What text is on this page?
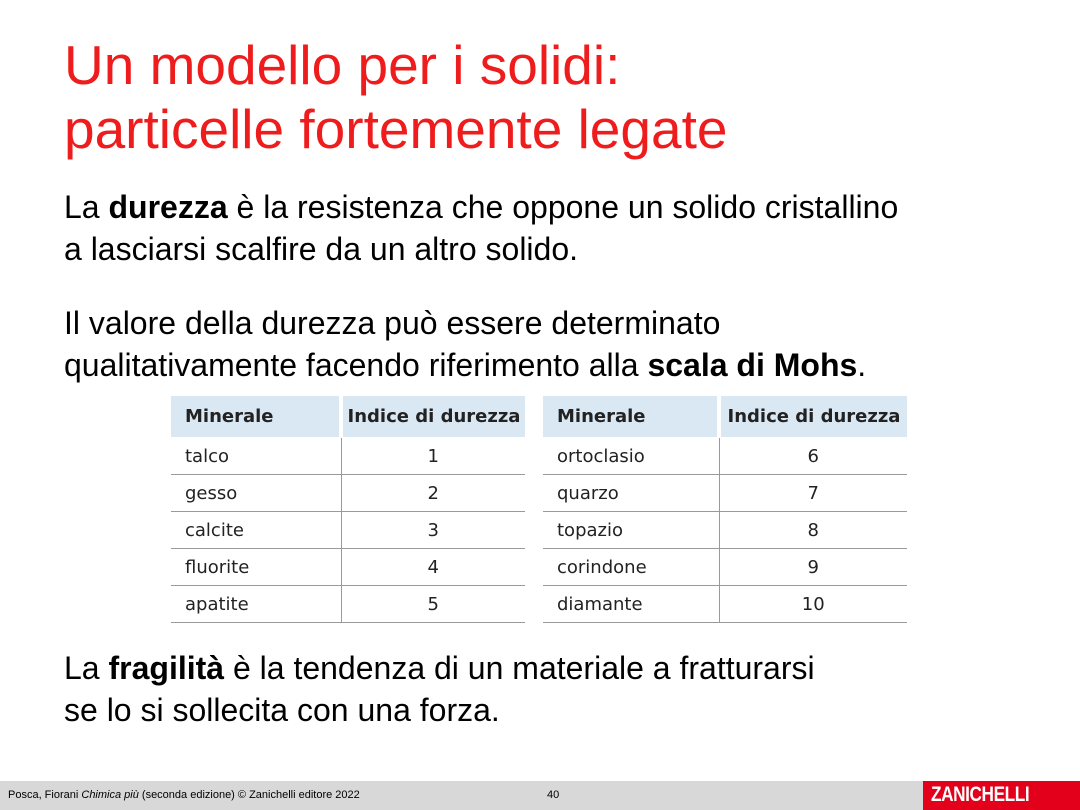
Un modello per i solidi:
particelle fortemente legate

La durezza è la resistenza che oppone un solido cristallino
a lasciarsi scalfire da un altro solido.

Il valore della durezza può essere determinato
qualitativamente facendo riferimento alla scala di Mohs.

Minerale	Indice di durezza
talco	1
gesso	2
calcite	3
fluorite	4
apatite	5
Minerale	Indice di durezza
ortoclasio	6
quarzo	7
topazio	8
corindone	9
diamante	10

La fragilità è la tendenza di un materiale a fratturarsi
se lo si sollecita con una forza.

Posca, Fiorani Chimica più (seconda edizione) © Zanichelli editore 2022	40	ZANICHELLI
